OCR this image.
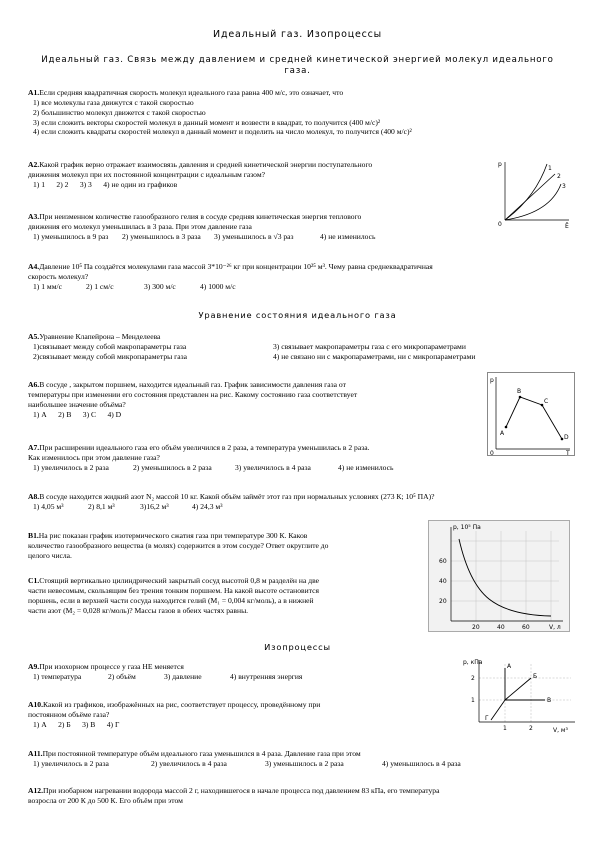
Идеальный газ. Изопроцессы
Идеальный газ. Связь между давлением и средней кинетической энергией молекул идеального газа.
А1.Если средняя квадратичная скорость молекул идеального газа равна 400 м/с, это означает, что
1) все молекулы газа движутся с такой скоростью
2) большинство молекул движется с такой скоростью
3) если сложить векторы скоростей молекул в данный момент и возвести в квадрат, то получится (400 м/с)²
4) если сложить квадраты скоростей молекул в данный момент и поделить на число молекул, то получится (400 м/с)²
А2.Какой график верно отражает взаимосвязь давления и средней кинетической энергии поступательного
движения молекул при их постоянной концентрации с идеальным газом?
1) 1      2) 2      3) 3      4) не один из графиков
p
Ē
0
1
2
3
А3.При неизменном количестве газообразного гелия в сосуде средняя кинетическая энергия теплового
движения его молекул уменьшилась в 3 раза. При этом давление газа
1) уменьшилось в 9 раз	2) уменьшилось в 3 раза	3) уменьшилось в √3 раз	4) не изменилось
А4.Давление 10⁵ Па создаётся молекулами газа массой 3*10⁻²⁶ кг при концентрации 10²⁵ м³. Чему равна среднеквадратичная
скорость молекул?
1) 1 мм/с	2) 1 см/с	3) 300 м/с	4) 1000 м/с
Уравнение состояния идеального газа
А5.Уравнение Клапейрона – Менделеева
1)связывает между собой макропараметры газа	3) связывает макропараметры газа с его микропараметрами
2)связывает между собой микропараметры газа	4) не связано ни с макропараметрами, ни с микропараметрами
А6.В сосуде , закрытом поршнем, находится идеальный газ. График зависимости давления газа от
температуры при изменении его состояния представлен на рис. Какому состоянию газа соответствует
наибольшее значение объёма?
1) А      2) В      3) С      4) D
p
T
0
A
B
C
D
А7.При расширении идеального газа его объём увеличился в 2 раза, а температура уменьшилась в 2 раза.
Как изменилось при этом давление газа?
1) увеличилось в 2 раза	2) уменьшилось в 2 раза	3) увеличилось в 4 раза	4) не изменилось
А8.В сосуде находится жидкий азот N₂ массой 10 кг. Какой объём займёт этот газ при нормальных условиях (273 К; 10⁵ ПА)?
1) 4,05 м³	2) 8,1 м³	3)16,2 м³	4) 24,3 м³
В1.На рис показан график изотермического сжатия газа при температуре 300 К. Каков
количество газообразного вещества (в молях) содержится в этом сосуде? Ответ округлите до
целого числа.
p, 10⁵ Па
V, л
60
40
20
20	40	60
С1.Стоящий вертикально цилиндрический закрытый сосуд высотой 0,8 м разделён на две
части невесомым, скользящим без трения тонким поршнем. На какой высоте остановится
поршень, если в верхней части сосуда находится гелий (М₁ = 0,004 кг/моль), а в нижней
части азот (М₂ = 0,028 кг/моль)? Массы газов в обеих частях равны.
Изопроцессы
А9.При изохорном процессе у газа НЕ меняется
1) температура	2) объём	3) давление	4) внутренняя энергия
p, кПа
V, м³
А
Б
В
Г
2
1
1	2
А10.Какой из графиков, изображённых на рис, соответствует процессу, проведённому при
постоянном объёме газа?
1) А      2) Б      3) В      4) Г
А11.При постоянной температуре объём идеального газа уменьшился в 4 раза. Давление газа при этом
1) увеличилось в 2 раза	2) увеличилось в 4 раза	3) уменьшилось в 2 раза	4) уменьшилось в 4 раза
А12.При изобарном нагревании водорода массой 2 г, находившегося в начале процесса под давлением 83 кПа, его температура
возросла от 200 К до 500 К. Его объём при этом
